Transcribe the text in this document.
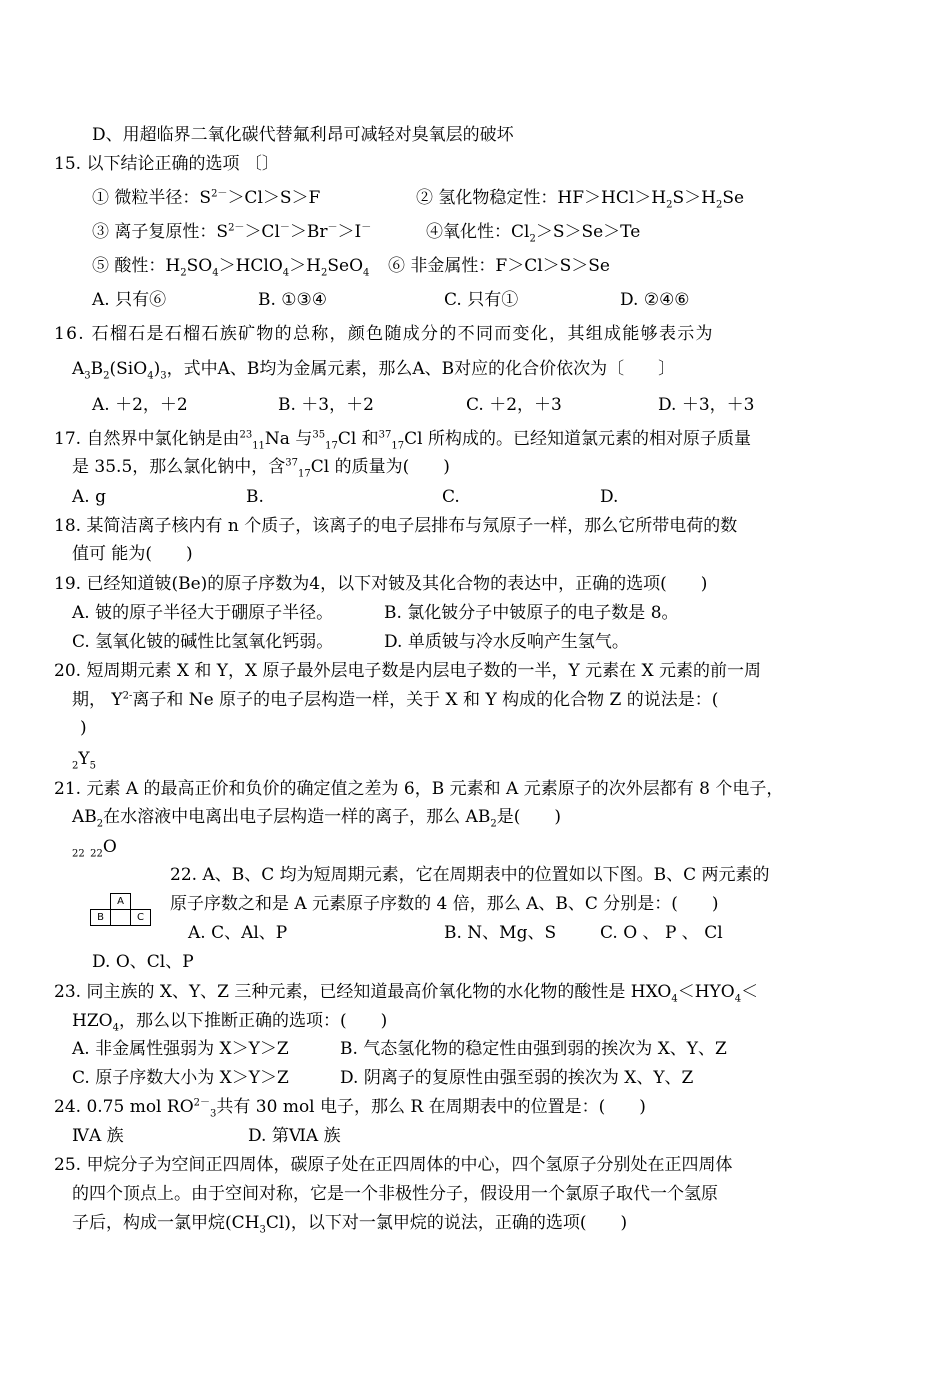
D、用超临界二氧化碳代替氟利昂可减轻对臭氧层的破坏
15. 以下结论正确的选项 〔〕
① 微粒半径：$S^{2-}>Cl>S>F$	② 氢化物稳定性：$HF>HCl>H_2S>H_2Se$
③ 离子复原性：$S^{2-}>Cl^->Br^->I^-$	④氧化性：$Cl_2>S>Se>Te$
⑤ 酸性：$H_2SO_4>HClO_4>H_2SeO_4$ ⑥ 非金属性：F＞Cl＞S＞Se
A. 只有⑥	B. ①③④	C. 只有①	D. ②④⑥
16. 石榴石是石榴石族矿物的总称，颜色随成分的不同而变化，其组成能够表示为
$A_3B_2(SiO_4)_3$，式中A、B均为金属元素，那么A、B对应的化合价依次为〔　　〕
A. ＋2，＋2	B. ＋3，＋2	C. ＋2，＋3	D. ＋3，＋3
17. 自然界中氯化钠是由$^{23}_{11}$Na 与$^{35}_{17}$Cl 和$^{37}_{17}$Cl 所构成的。已经知道氯元素的相对原子质量
是 35.5，那么氯化钠中，含$^{37}_{17}$Cl 的质量为(　　)
A. g	B.	C.	D.
18. 某简洁离子核内有 n 个质子，该离子的电子层排布与氖原子一样，那么它所带电荷的数
值可 能为(　　)
19. 已经知道铍(Be)的原子序数为4，以下对铍及其化合物的表达中，正确的选项(　　)
A. 铍的原子半径大于硼原子半径。	B. 氯化铍分子中铍原子的电子数是 8。
C. 氢氧化铍的碱性比氢氧化钙弱。	D. 单质铍与冷水反响产生氢气。
20. 短周期元素 X 和 Y，X 原子最外层电子数是内层电子数的一半，Y 元素在 X 元素的前一周
期， $Y^{2-}$离子和 Ne 原子的电子层构造一样，关于 X 和 Y 构成的化合物 Z 的说法是：(
)
$_2Y_5$
21. 元素 A 的最高正价和负价的确定值之差为 6，B 元素和 A 元素原子的次外层都有 8 个电子，
$AB_2$在水溶液中电离出电子层构造一样的离子，那么 $AB_2$是(　　)
$_{22}$ $_{22}$O
22. A、B、C 均为短周期元素，它在周期表中的位置如以下图。B、C 两元素的
原子序数之和是 A 元素原子序数的 4 倍，那么 A、B、C 分别是：(　　)
	A	
B		C
A. C、Al、P	B. N、Mg、S	C. O 、 P 、 Cl
D. O、Cl、P
23. 同主族的 X、Y、Z 三种元素，已经知道最高价氧化物的水化物的酸性是 $HXO_4<HYO_4<$
$HZO_4$，那么以下推断正确的选项：(　　)
A. 非金属性强弱为 X＞Y＞Z	B. 气态氢化物的稳定性由强到弱的挨次为 X、Y、Z
C. 原子序数大小为 X＞Y＞Z	D. 阴离子的复原性由强至弱的挨次为 X、Y、Z
24. 0.75 mol $RO^{2-}_3$共有 30 mol 电子，那么 R 在周期表中的位置是：(　　)
ⅣA 族	D. 第ⅥA 族
25. 甲烷分子为空间正四周体，碳原子处在正四周体的中心，四个氢原子分别处在正四周体
的四个顶点上。由于空间对称，它是一个非极性分子，假设用一个氯原子取代一个氢原
子后，构成一氯甲烷$(CH_3Cl)$，以下对一氯甲烷的说法，正确的选项(　　)
